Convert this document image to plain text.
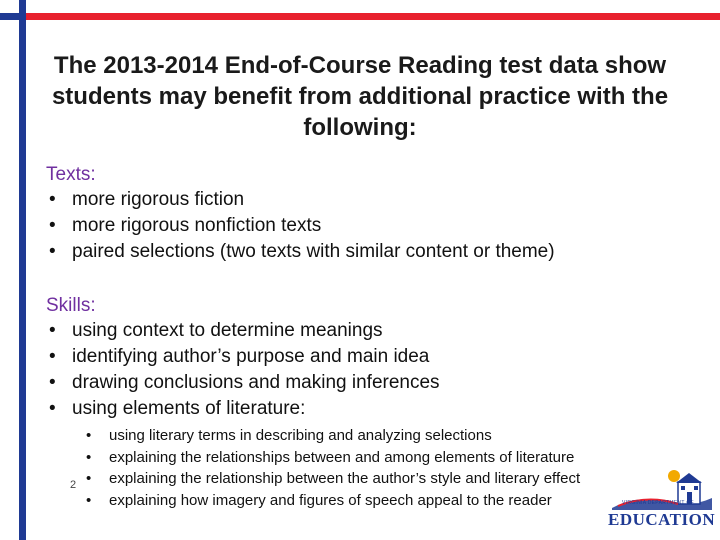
The 2013-2014 End-of-Course Reading test data show students may benefit from additional practice with the following:
Texts:
• more rigorous fiction
• more rigorous nonfiction texts
• paired selections (two texts with similar content or theme)
Skills:
• using context to determine meanings
• identifying author’s purpose and main idea
• drawing conclusions and making inferences
• using elements of literature:
• using literary terms in describing and analyzing selections
• explaining the relationships between and among elements of literature
• explaining the relationship between the author’s style and literary effect
• explaining how imagery and figures of speech appeal to the reader
2
VIRGINIA DEPARTMENT OF
EDUCATION
